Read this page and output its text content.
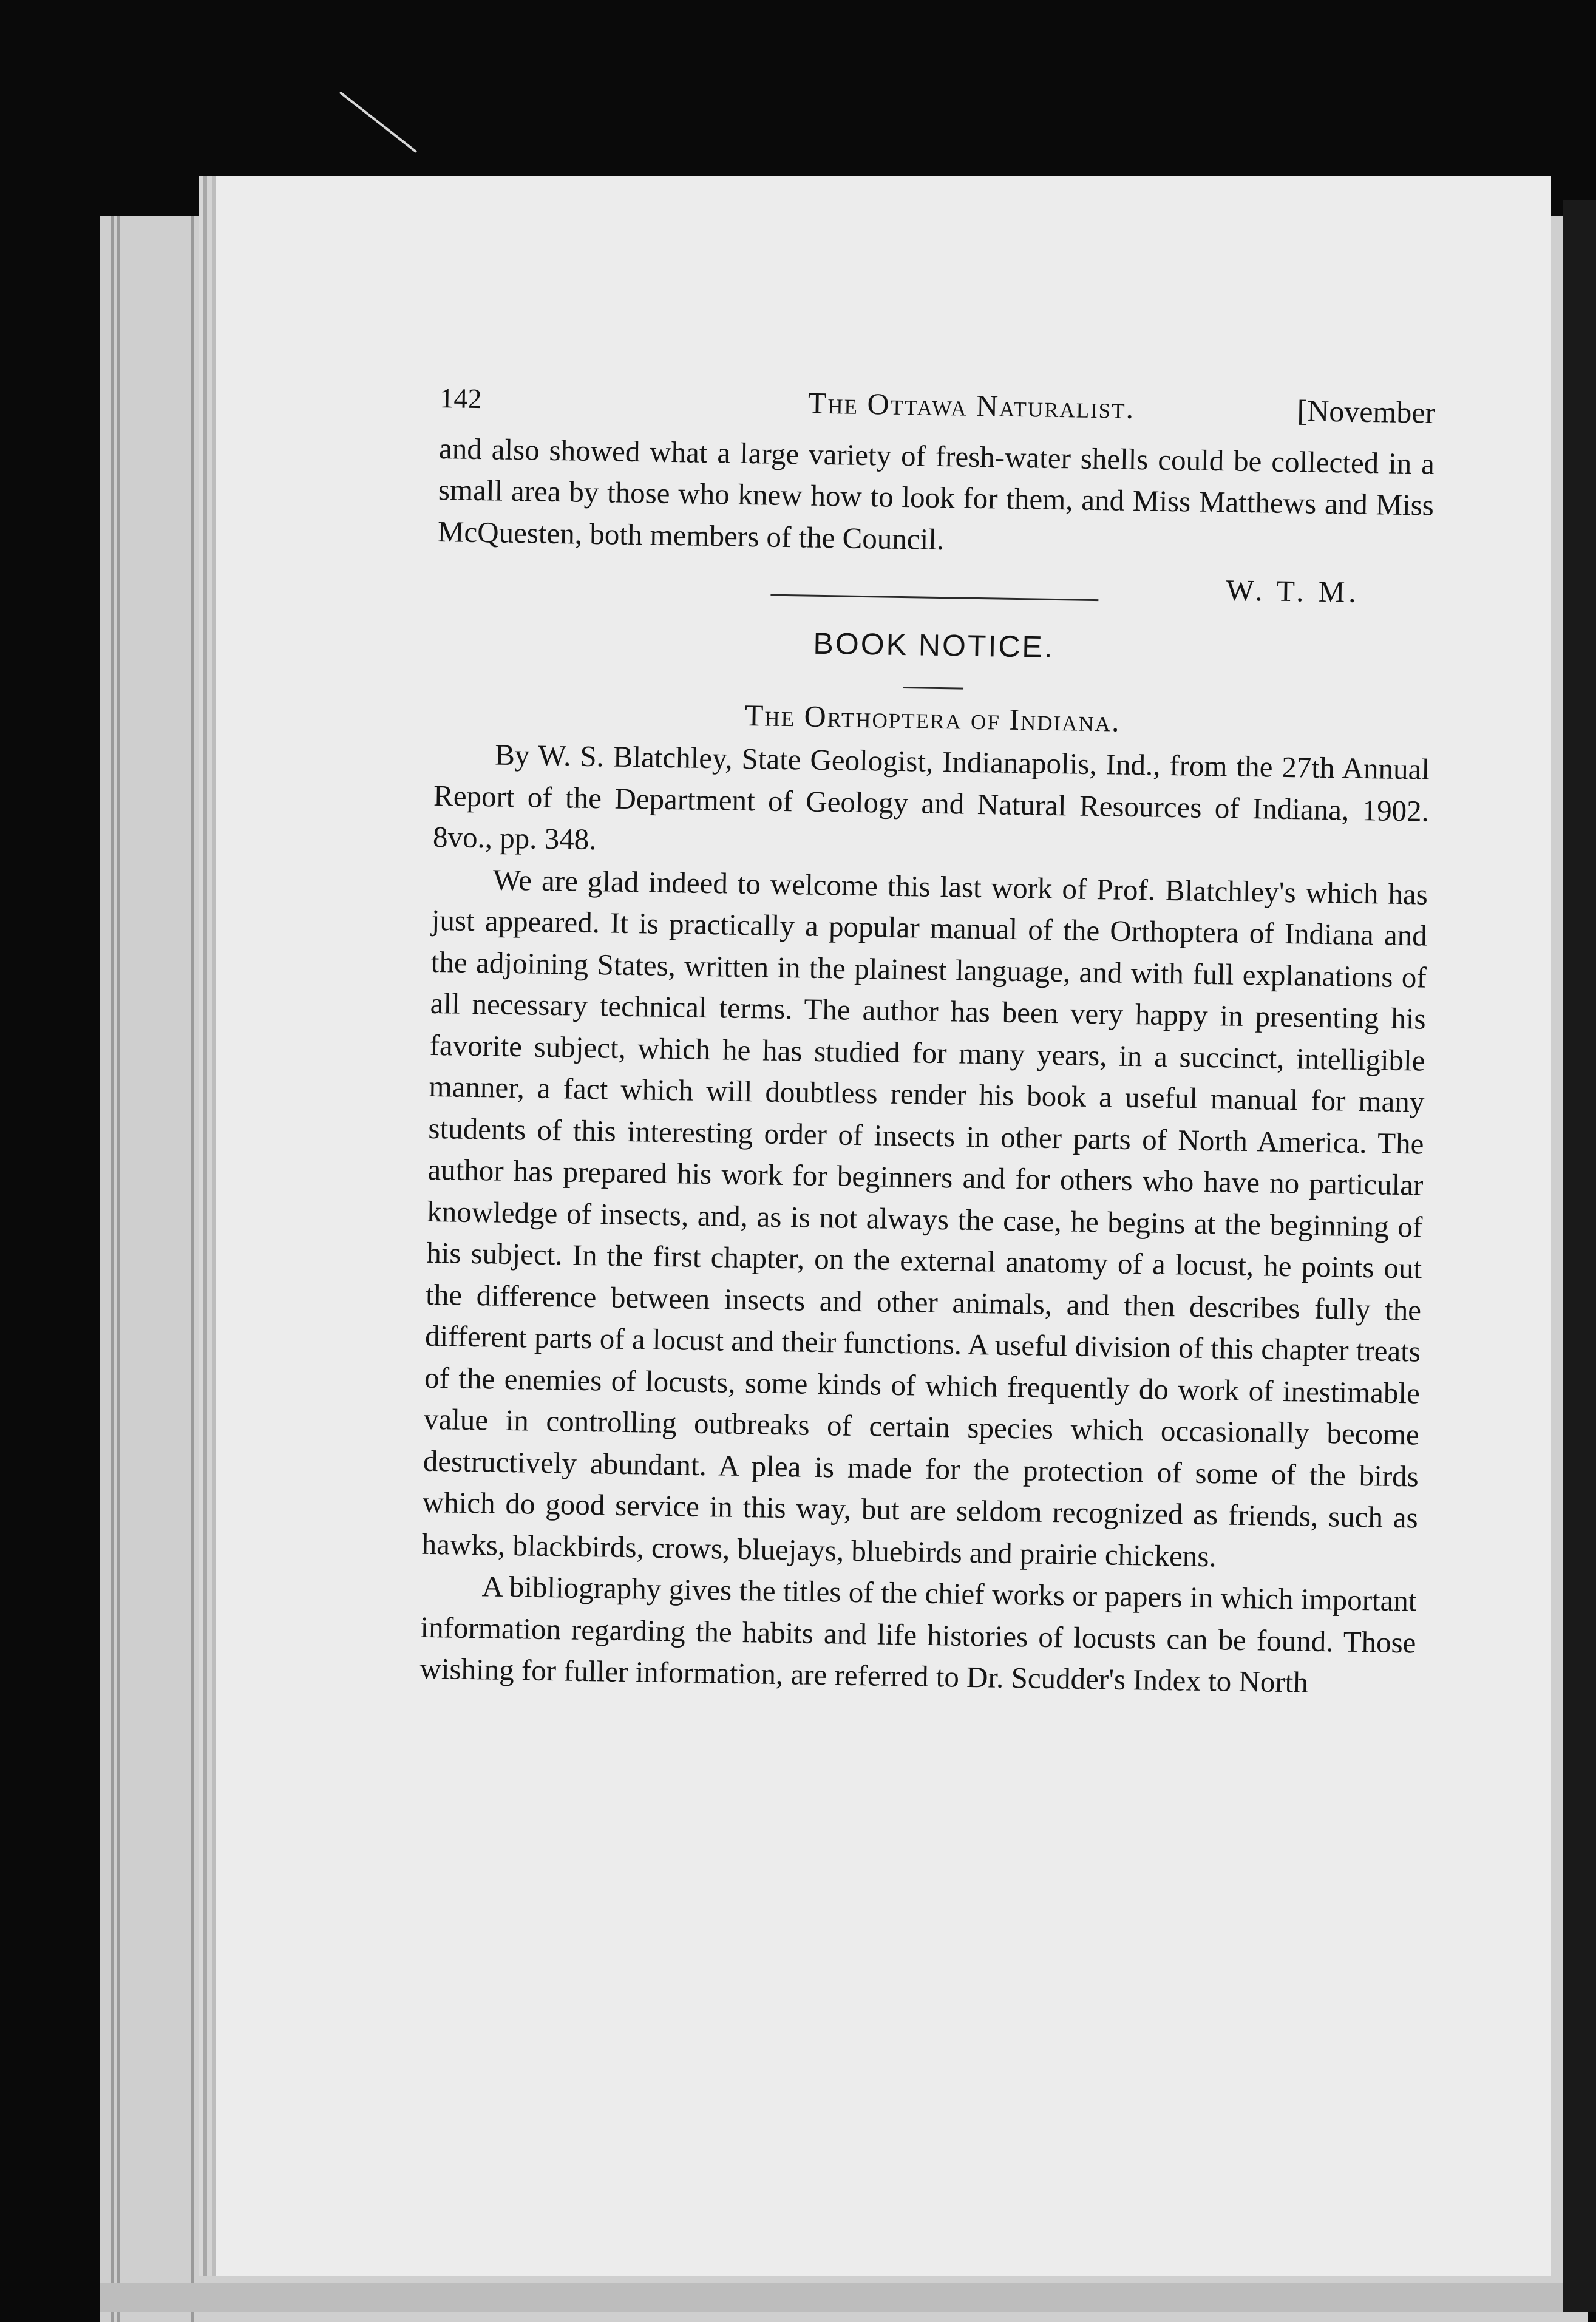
142	The Ottawa Naturalist.	[November

and also showed what a large variety of fresh-water shells could be collected in a small area by those who knew how to look for them, and Miss Matthews and Miss McQuesten, both members of the Council.

W. T. M.
BOOK NOTICE.
The Orthoptera of Indiana.

By W. S. Blatchley, State Geologist, Indianapolis, Ind., from the 27th Annual Report of the Department of Geology and Natural Resources of Indiana, 1902. 8vo., pp. 348.

We are glad indeed to welcome this last work of Prof. Blatchley's which has just appeared. It is practically a popular manual of the Orthoptera of Indiana and the adjoining States, written in the plainest language, and with full explanations of all necessary technical terms. The author has been very happy in presenting his favorite subject, which he has studied for many years, in a succinct, intelligible manner, a fact which will doubtless render his book a useful manual for many students of this interesting order of insects in other parts of North America. The author has prepared his work for beginners and for others who have no particular knowledge of insects, and, as is not always the case, he begins at the beginning of his subject. In the first chapter, on the external anatomy of a locust, he points out the difference between insects and other animals, and then describes fully the different parts of a locust and their functions. A useful division of this chapter treats of the enemies of locusts, some kinds of which frequently do work of inestimable value in controlling outbreaks of certain species which occasionally become destructively abundant. A plea is made for the protection of some of the birds which do good service in this way, but are seldom recognized as friends, such as hawks, blackbirds, crows, bluejays, bluebirds and prairie chickens.

A bibliography gives the titles of the chief works or papers in which important information regarding the habits and life histories of locusts can be found. Those wishing for fuller information, are referred to Dr. Scudder's Index to North
